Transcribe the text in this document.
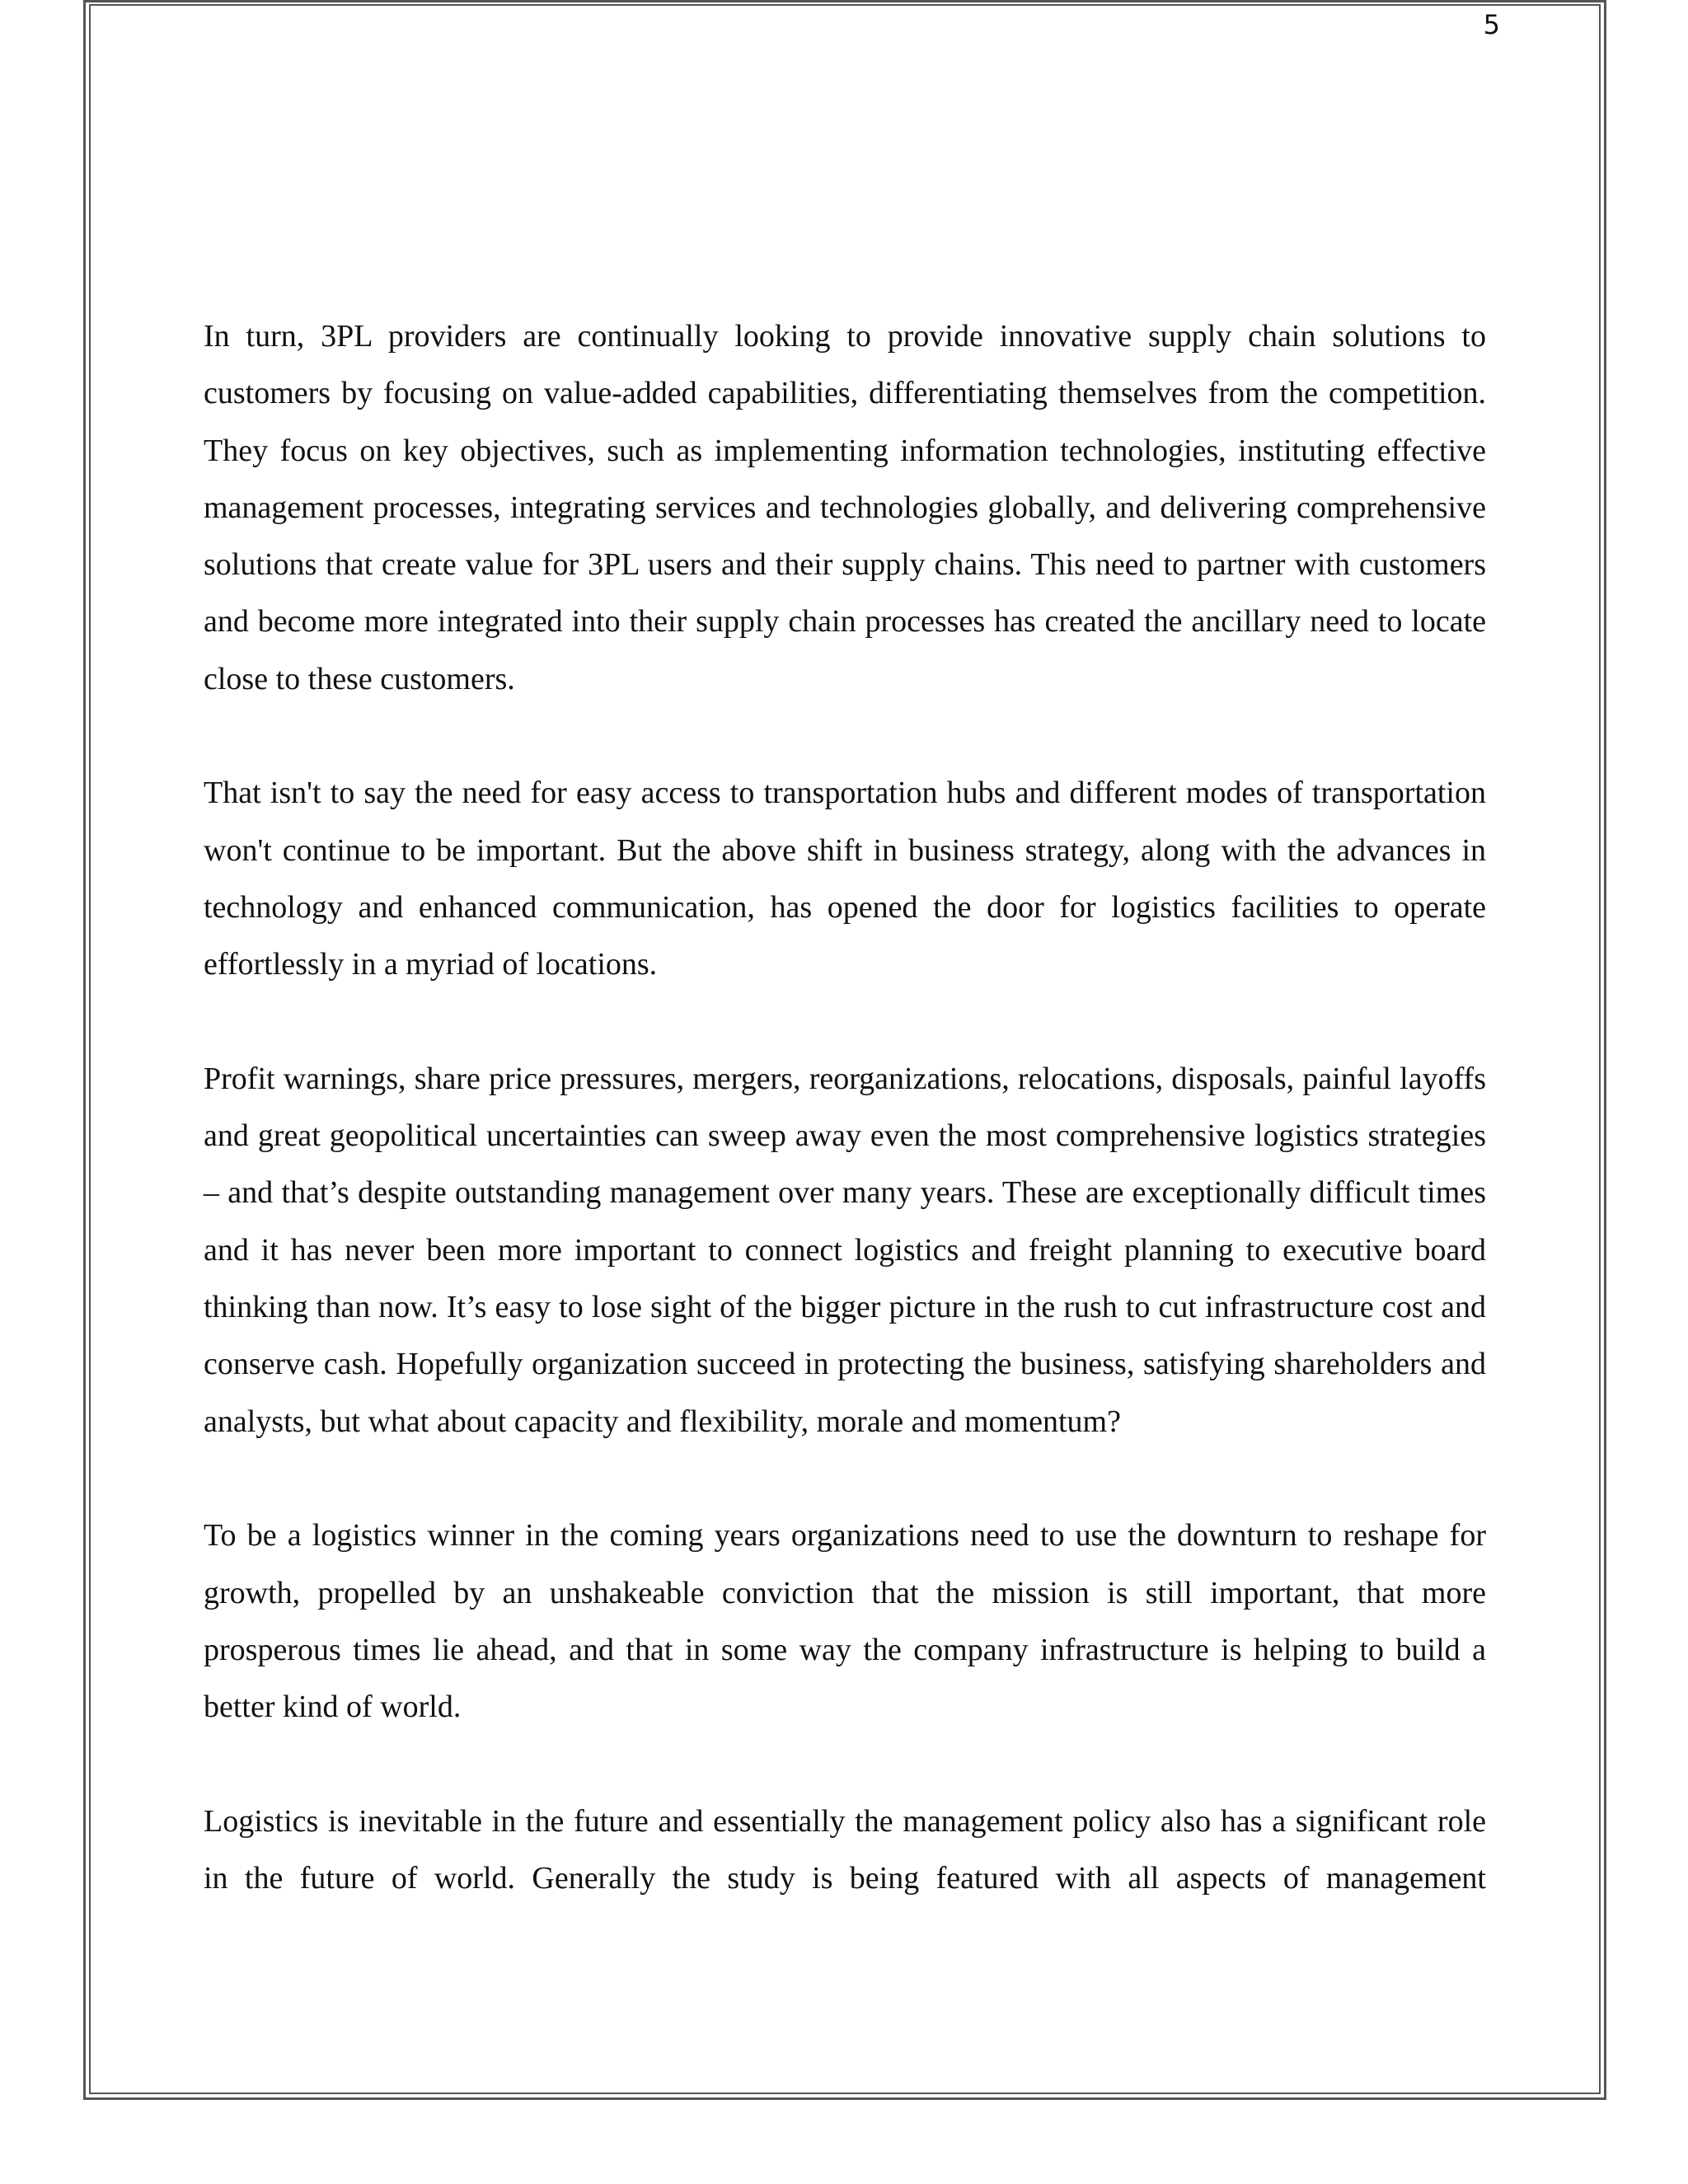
5

In turn, 3PL providers are continually looking to provide innovative supply chain solutions to customers by focusing on value-added capabilities, differentiating themselves from the competition. They focus on key objectives, such as implementing information technologies, instituting effective management processes, integrating services and technologies globally, and delivering comprehensive solutions that create value for 3PL users and their supply chains. This need to partner with customers and become more integrated into their supply chain processes has created the ancillary need to locate close to these customers.

That isn't to say the need for easy access to transportation hubs and different modes of transportation won't continue to be important. But the above shift in business strategy, along with the advances in technology and enhanced communication, has opened the door for logistics facilities to operate effortlessly in a myriad of locations.

Profit warnings, share price pressures, mergers, reorganizations, relocations, disposals, painful layoffs and great geopolitical uncertainties can sweep away even the most comprehensive logistics strategies – and that’s despite outstanding management over many years. These are exceptionally difficult times and it has never been more important to connect logistics and freight planning to executive board thinking than now. It’s easy to lose sight of the bigger picture in the rush to cut infrastructure cost and conserve cash. Hopefully organization succeed in protecting the business, satisfying shareholders and analysts, but what about capacity and flexibility, morale and momentum?

To be a logistics winner in the coming years organizations need to use the downturn to reshape for growth, propelled by an unshakeable conviction that the mission is still important, that more prosperous times lie ahead, and that in some way the company infrastructure is helping to build a better kind of world.

Logistics is inevitable in the future and essentially the management policy also has a significant role in the future of world. Generally the study is being featured with all aspects of management
